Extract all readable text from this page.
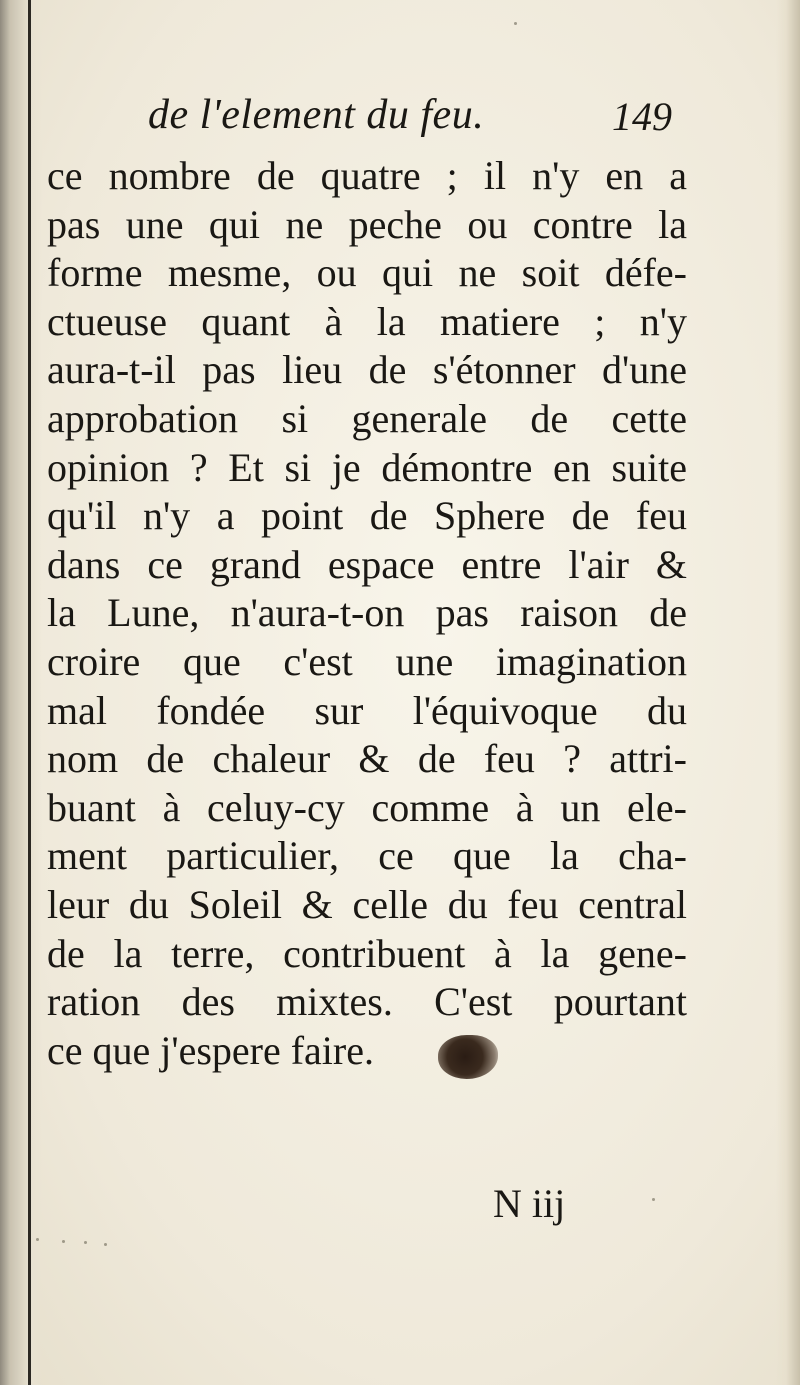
de l'element du feu.	149
ce nombre de quatre ; il n'y en a
pas une qui ne peche ou contre la
forme mesme, ou qui ne soit défe-
ctueuse quant à la matiere ; n'y
aura-t-il pas lieu de s'étonner d'une
approbation si generale de cette
opinion ? Et si je démontre en suite
qu'il n'y a point de Sphere de feu
dans ce grand espace entre l'air &
la Lune, n'aura-t-on pas raison de
croire que c'est une imagination
mal fondée sur l'équivoque du
nom de chaleur & de feu ? attri-
buant à celuy-cy comme à un ele-
ment particulier, ce que la cha-
leur du Soleil & celle du feu central
de la terre, contribuent à la gene-
ration des mixtes. C'est pourtant
ce que j'espere faire.
N iij
